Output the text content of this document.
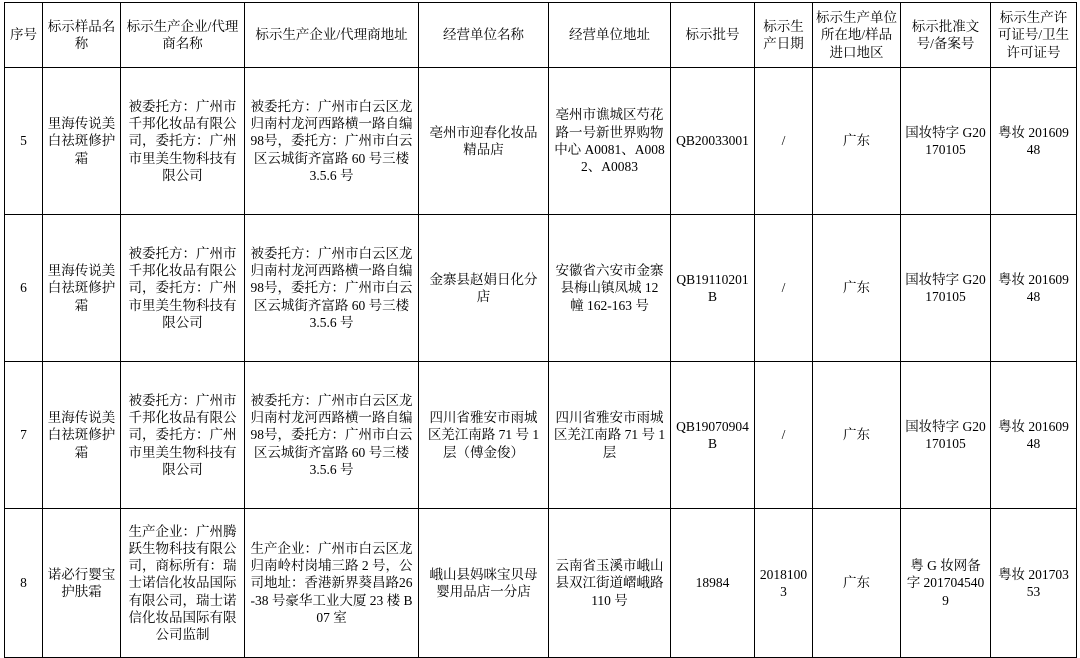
序号	标示样品名称	标示生产企业/代理商名称	标示生产企业/代理商地址	经营单位名称	经营单位地址	标示批号	标示生产日期	标示生产单位所在地/样品进口地区	标示批准文号/备案号	标示生产许可证号/卫生许可证号
5	里海传说美白祛斑修护霜	被委托方：广州市千邦化妆品有限公司，委托方：广州市里美生物科技有限公司	被委托方：广州市白云区龙归南村龙河西路横一路自编98号，委托方：广州市白云区云城街齐富路 60 号三楼 3.5.6 号	亳州市迎春化妆品精品店	亳州市谯城区芍花路一号新世界购物中心 A0081、A0082、A0083	QB20033001	/	广东	国妆特字 G20170105	粤妆 20160948
6	里海传说美白祛斑修护霜	被委托方：广州市千邦化妆品有限公司，委托方：广州市里美生物科技有限公司	被委托方：广州市白云区龙归南村龙河西路横一路自编98号，委托方：广州市白云区云城街齐富路 60 号三楼 3.5.6 号	金寨县赵娟日化分店	安徽省六安市金寨县梅山镇凤城 12 幢 162-163 号	QB19110201B	/	广东	国妆特字 G20170105	粤妆 20160948
7	里海传说美白祛斑修护霜	被委托方：广州市千邦化妆品有限公司，委托方：广州市里美生物科技有限公司	被委托方：广州市白云区龙归南村龙河西路横一路自编98号，委托方：广州市白云区云城街齐富路 60 号三楼 3.5.6 号	四川省雅安市雨城区羌江南路 71 号 1 层（傅金俊）	四川省雅安市雨城区羌江南路 71 号 1 层	QB19070904B	/	广东	国妆特字 G20170105	粤妆 20160948
8	诺必行婴宝护肤霜	生产企业：广州腾跃生物科技有限公司，商标所有：瑞士诺信化妆品国际有限公司，瑞士诺信化妆品国际有限公司监制	生产企业：广州市白云区龙归南岭村岗埔三路 2 号，公司地址：香港新界葵昌路26-38 号豪华工业大厦 23 楼 B07 室	峨山县妈咪宝贝母婴用品店一分店	云南省玉溪市峨山县双江街道嶍峨路 110 号	18984	20181003	广东	粤 G 妆网备字 2017045409	粤妆 20170353
